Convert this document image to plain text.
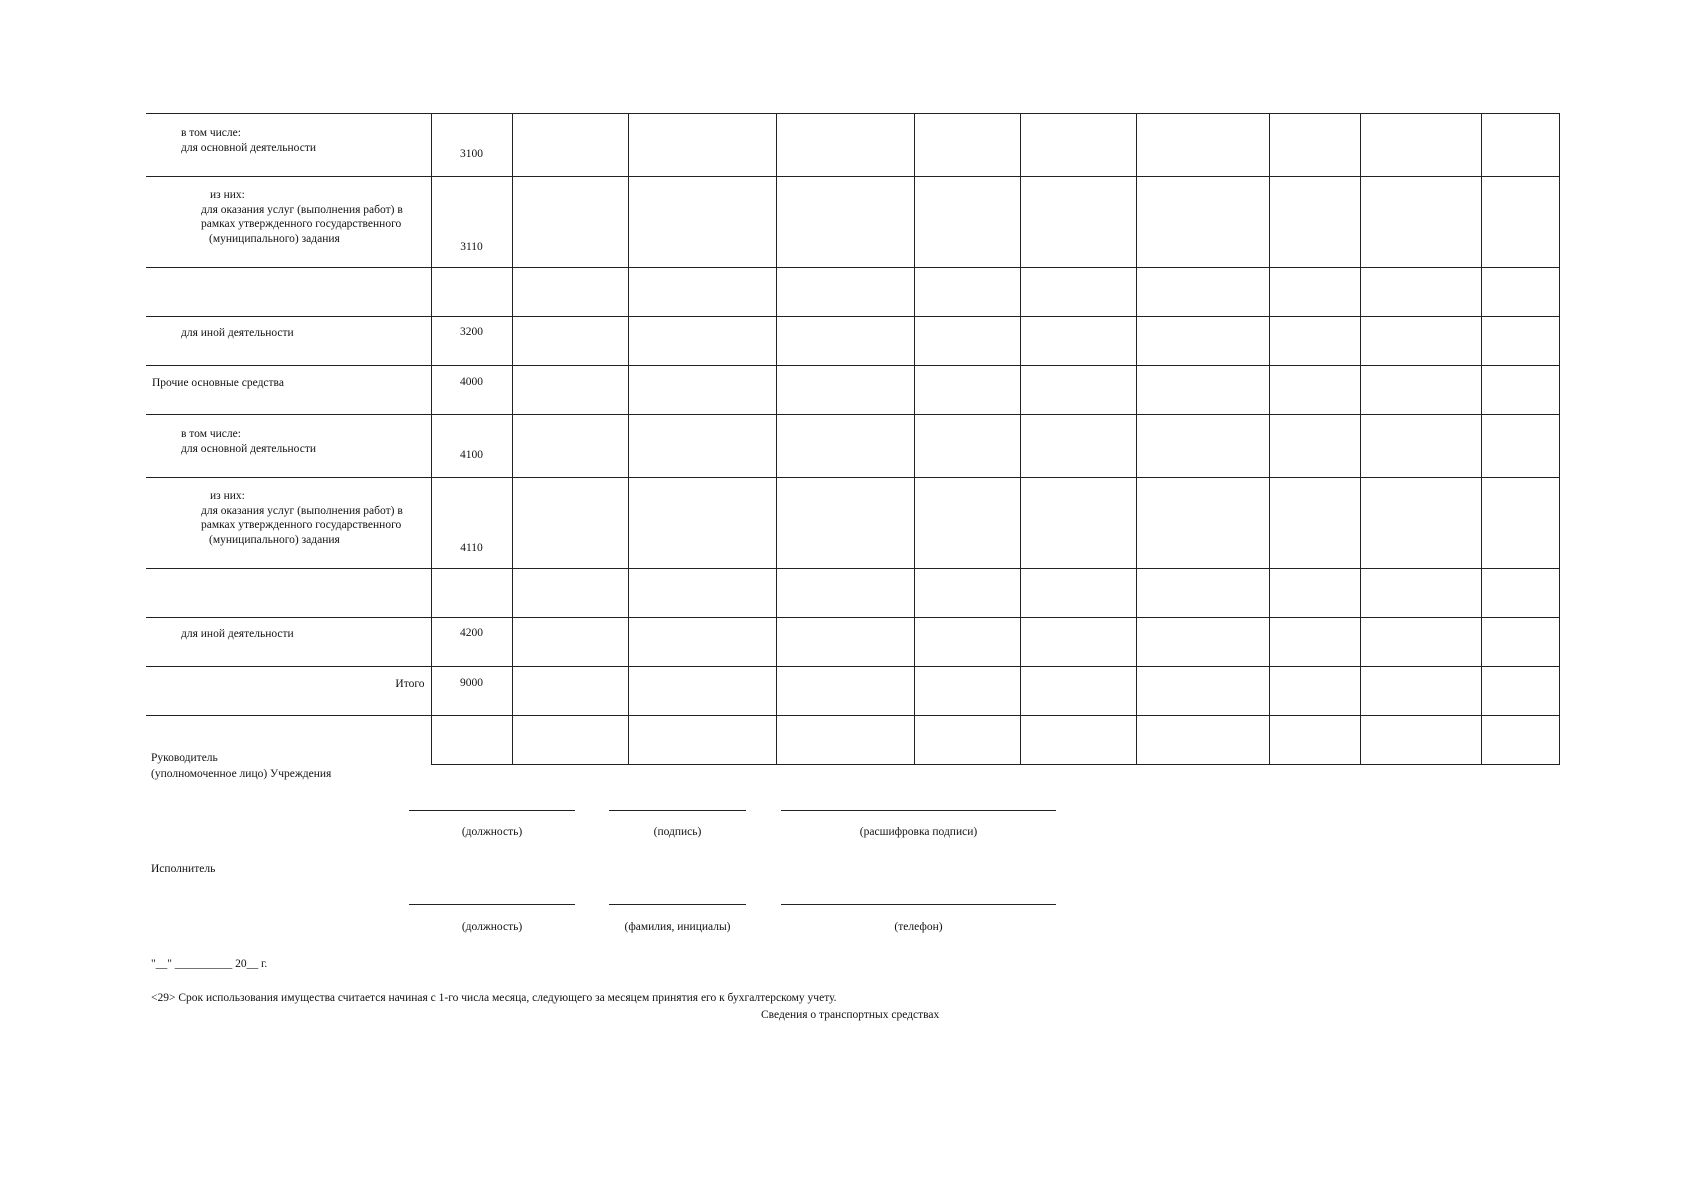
в том числе:
для основной деятельности	3100									

из них:
для оказания услуг (выполнения работ) в
рамках утвержденного государственного
(муниципального) задания	3110									

для иной деятельности	3200									

Прочие основные средства	4000									

в том числе:
для основной деятельности	4100									

из них:
для оказания услуг (выполнения работ) в
рамках утвержденного государственного
(муниципального) задания	4110									

для иной деятельности	4200									

Итого	9000									

Руководитель
(уполномоченное лицо) Учреждения
(должность)	(подпись)	(расшифровка подписи)
Исполнитель
(должность)	(фамилия, инициалы)	(телефон)
"__" __________ 20__ г.
<29> Срок использования имущества считается начиная с 1-го числа месяца, следующего за месяцем принятия его к бухгалтерскому учету.
Сведения о транспортных средствах
